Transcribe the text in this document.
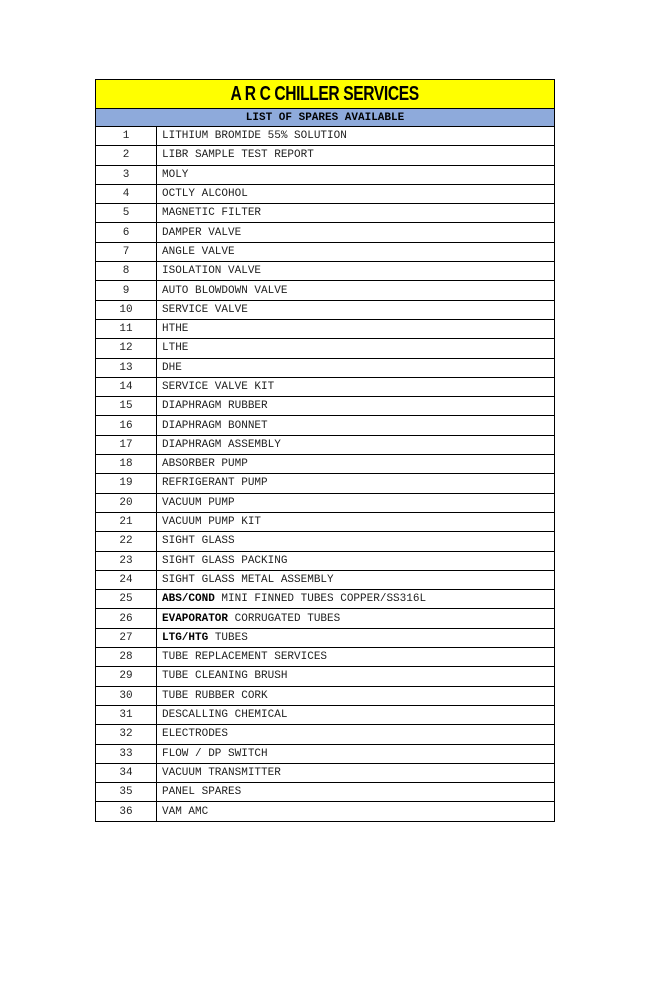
A R C CHILLER SERVICES	
LIST OF SPARES AVAILABLE	
1	LITHIUM BROMIDE 55% SOLUTION
2	LIBR SAMPLE TEST REPORT
3	MOLY
4	OCTLY ALCOHOL
5	MAGNETIC FILTER
6	DAMPER VALVE
7	ANGLE VALVE
8	ISOLATION VALVE
9	AUTO BLOWDOWN VALVE
10	SERVICE VALVE
11	HTHE
12	LTHE
13	DHE
14	SERVICE VALVE KIT
15	DIAPHRAGM RUBBER
16	DIAPHRAGM BONNET
17	DIAPHRAGM ASSEMBLY
18	ABSORBER PUMP
19	REFRIGERANT PUMP
20	VACUUM PUMP
21	VACUUM PUMP KIT
22	SIGHT GLASS
23	SIGHT GLASS PACKING
24	SIGHT GLASS METAL ASSEMBLY
25	ABS/COND MINI FINNED TUBES COPPER/SS316L
26	EVAPORATOR CORRUGATED TUBES
27	LTG/HTG TUBES
28	TUBE REPLACEMENT SERVICES
29	TUBE CLEANING BRUSH
30	TUBE RUBBER CORK
31	DESCALLING CHEMICAL
32	ELECTRODES
33	FLOW / DP SWITCH
34	VACUUM TRANSMITTER
35	PANEL SPARES
36	VAM AMC
